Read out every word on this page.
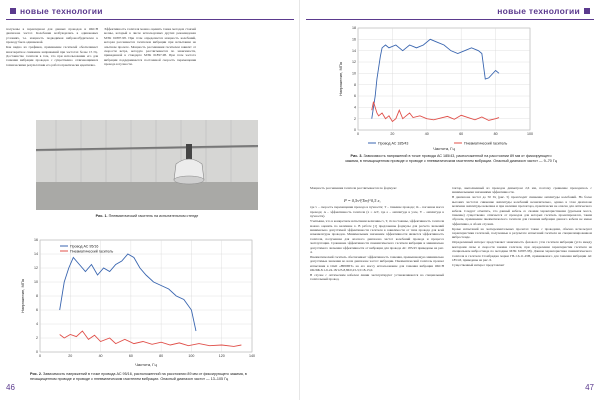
новые технологии

получены в характерном для данных проводов и ОКСН диапазоне частот. Колебания возбуждались в одинаковых условиях, т.е. мощность подводимая вибровозбудителем к проводу была одинаковой.

Как видно из графиков, применение гасителей обеспечивает многократное снижение напряжений при частотах более 15 Гц. Достоинство гасителя в том, что при использовании его для гашения вибрации проводов с существенно отличающимися техническими результатами его работа практически идентична.

Эффективность гасителя можно оценить также методом стоячей волны, который в числе используемых других рекомендован МЭК 61897-98. При этом определяется мощность колебаний, которая рассеивается гасителем вибрации при испытании на опытном пролете. Мощность рассеивания гасителем зависит от скорости ветра, которую рассчитывается по зависимости, приведенной в стандарте МЭК 61897-98. При этом частота вибрации поддерживается постоянной скорость перемещения провода в пучности.

Рис. 1. Пневматический гаситель на испытательном стенде
0
2
4
6
8
10
12
14
16
0	20	40	60	80	100	120	140
Частота, Гц
Напряжение, МПа
Провод АС 95/16
Пневматический гаситель
Рис. 2. Зависимость напряжений в точке провода АС 95/16, расположенной на расстоянии 89 мм от фиксирующего зажима, в незащищенном проводе и проводе с пневматическим гасителем вибрации. Опасный диапазон частот — 13–105 Гц
46
новые технологии
0
2
4
6
8
10
12
14
16
18
0	20	40	60	80	100
Частота, Гц
Напряжение, МПа
Провод АС 185/43	Пневматический гаситель
Рис. 3. Зависимость напряжений в точке провода АС 185/43, расположенной на расстоянии 89 мм от фиксирующего зажима, в незащищенном проводе и проводе с пневматическим гасителем вибрации. Опасный диапазон частот — 9–70 Гц

Мощность рассеивания гасителя рассчитывается по формуле:

где v – скорость перемещения провода в пучности; T – тяжение провода; m – погонная масса провода; A – эффективность гасителя (x = A/T, где a – амплитуда в узле, Y – амплитуда в пучности).

Учитывая, что в конкретном испытании величины v, T, m постоянны, эффективность гасителя можно оценить по величине x. В работе [1] предложены формулы для расчета значений минимально допустимой эффективности гасителя в зависимости от типа провода для всей номенклатуры проводов. Минимальным значением эффективности является эффективность гасителя, полученная для опасного диапазона частот колебаний провода и процесса эксплуатации. Сравнение эффективности пневматического гасителя вибрации и минимально допустимого значения эффективности от вибрации для провода АС 185/43 приведены на рис. 4.

Пневматический гаситель обеспечивает эффективность гашения, превышающую минимально допустимые значения во всем диапазоне частот вибрации. Пневматический гаситель прошел испытания в ОАО «НИИПТ» на его массу использование для гашения вибрации ОКСН ОКЛЖ-8.1-6-24-18/125-8,86/0,23-3,5/18-15,0.

В случае с оптическим кабелем линии эксплуатируют устанавливаются на специальный гасительный провод.

P = 0,5v²(Tm)^0,5 x,

тектор, выполненный из проводов диаметром 2,6 мм, поэтому сравнение проводилось с минимальными значениями эффективности.

В диапазоне частот до 50 Гц (рис. 5) происходит снижение амплитуды колебаний. На более высоких частотах снижение амплитуды колебаний незначительно, однако в этом диапазоне величина амплитуды невелика и при наличии протектора, практически не опасна для оптического кабеля. Следует отметить, что данный кабель со своими характеристиками (удельная масса, тяжение) существенно отличается от проводов для которых гаситель проектировался, таким образом, применение пневматического гасителя для гашения вибрации данного кабеля не менее эффективно, в обоих случаях.

Кроме испытаний на эксперементальных пролетах также с проводами, обычно используют характеристики гасителей, полученные в результате испытаний гасителя на специализированном вибростенде.

Определенный интерес представляет зависимость фазового угла гасителя вибрации (угла между векторами силы и скорости зажима гасителя, при определении характеристик гасителя на специальном вибростенде по методике МЭК 61897-98). Данная характеристика пневматического гасителя и гасителя Стокбриджа марки ГВ-1.6-11-45В, применяемого для гашения вибрации АС 185/43, приведены на рис. 6.

Существенный интерес представляет

47
